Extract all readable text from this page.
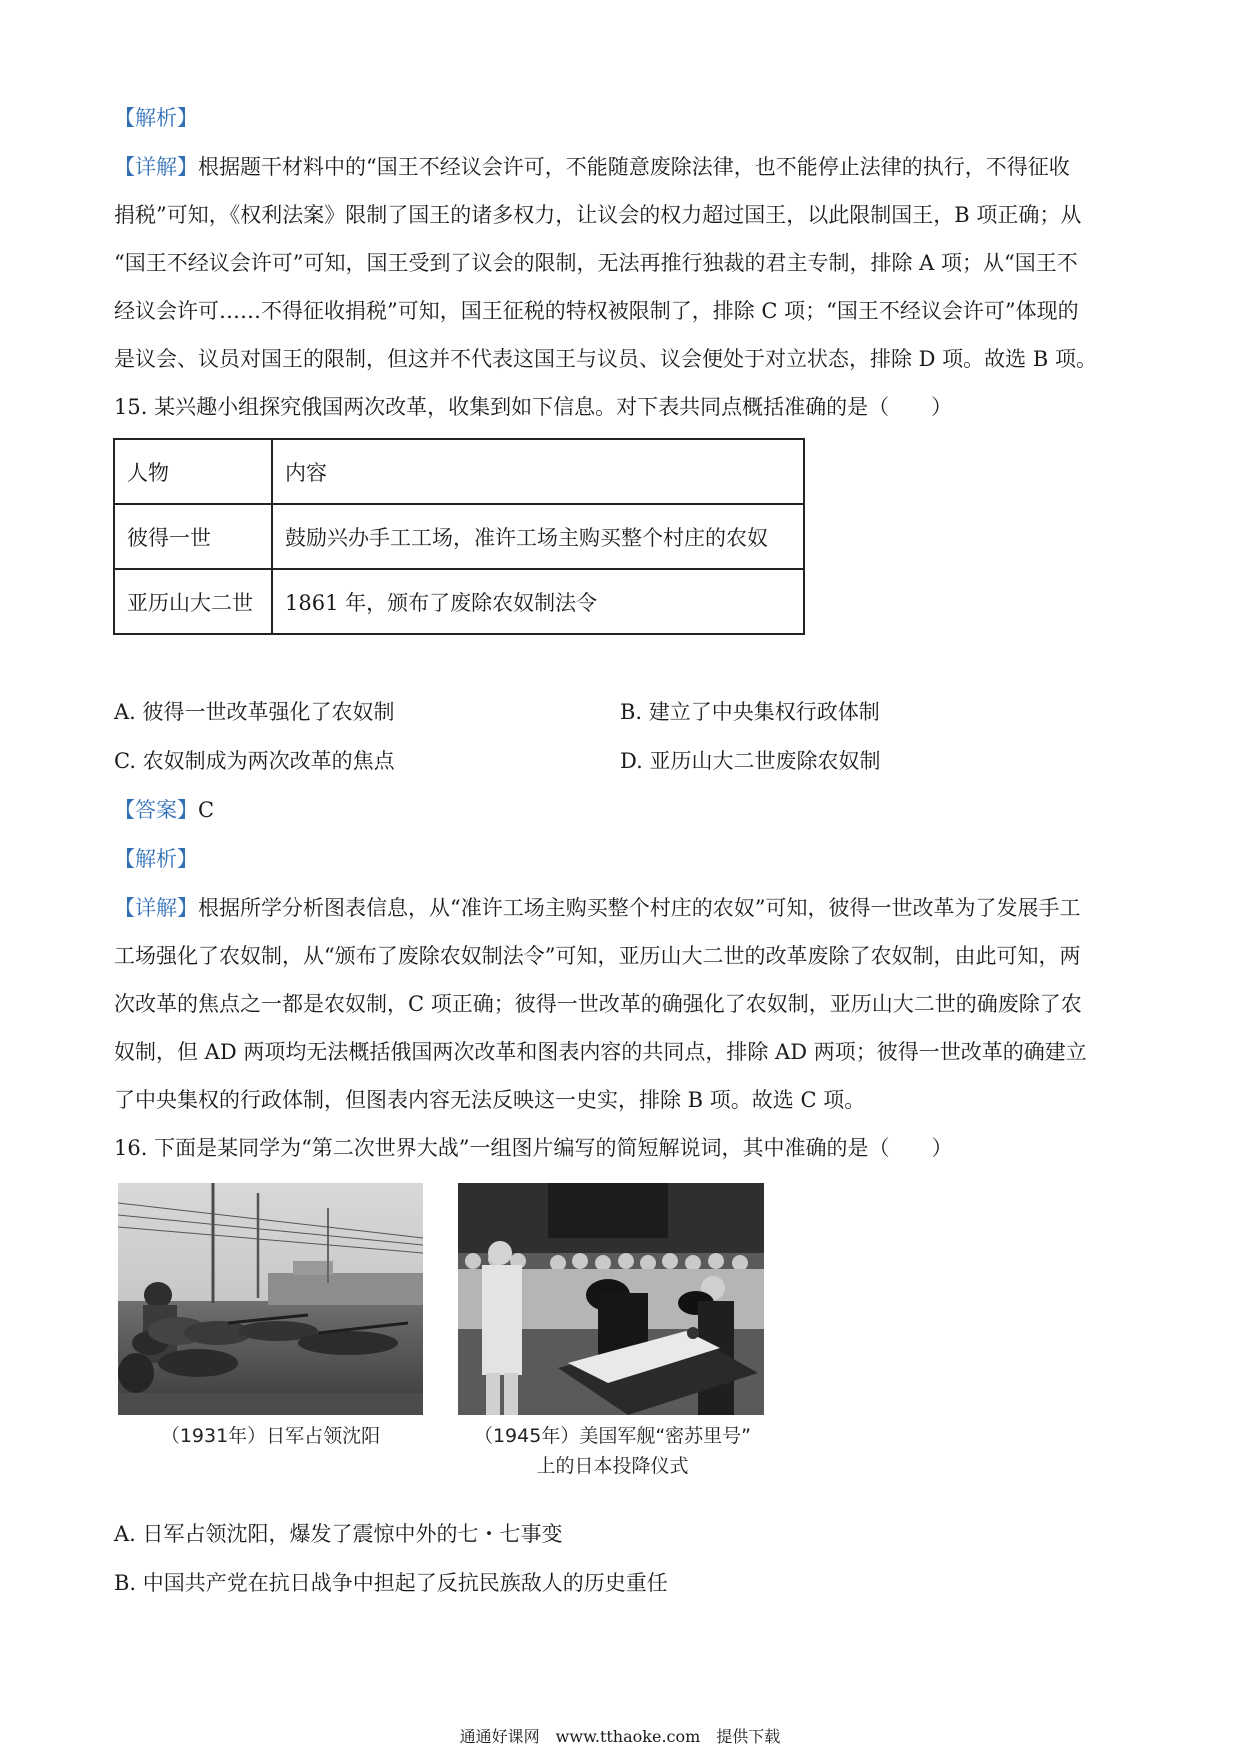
【解析】
【详解】根据题干材料中的“国王不经议会许可，不能随意废除法律，也不能停止法律的执行，不得征收
捐税”可知，《权利法案》限制了国王的诸多权力，让议会的权力超过国王，以此限制国王，B 项正确；从
“国王不经议会许可”可知，国王受到了议会的限制，无法再推行独裁的君主专制，排除 A 项；从“国王不
经议会许可……不得征收捐税”可知，国王征税的特权被限制了，排除 C 项；“国王不经议会许可”体现的
是议会、议员对国王的限制，但这并不代表这国王与议员、议会便处于对立状态，排除 D 项。故选 B 项。
15. 某兴趣小组探究俄国两次改革，收集到如下信息。对下表共同点概括准确的是（　　）
人物	内容
彼得一世	鼓励兴办手工工场，准许工场主购买整个村庄的农奴
亚历山大二世	1861 年，颁布了废除农奴制法令
A. 彼得一世改革强化了农奴制	B. 建立了中央集权行政体制
C. 农奴制成为两次改革的焦点	D. 亚历山大二世废除农奴制
【答案】C
【解析】
【详解】根据所学分析图表信息，从“准许工场主购买整个村庄的农奴”可知，彼得一世改革为了发展手工
工场强化了农奴制，从“颁布了废除农奴制法令”可知，亚历山大二世的改革废除了农奴制，由此可知，两
次改革的焦点之一都是农奴制，C 项正确；彼得一世改革的确强化了农奴制，亚历山大二世的确废除了农
奴制，但 AD 两项均无法概括俄国两次改革和图表内容的共同点，排除 AD 两项；彼得一世改革的确建立
了中央集权的行政体制，但图表内容无法反映这一史实，排除 B 项。故选 C 项。
16. 下面是某同学为“第二次世界大战”一组图片编写的简短解说词，其中准确的是（　　）
（1931年）日军占领沈阳	（1945年）美国军舰“密苏里号”
上的日本投降仪式
A. 日军占领沈阳，爆发了震惊中外的七・七事变
B. 中国共产党在抗日战争中担起了反抗民族敌人的历史重任
通通好课网　www.tthaoke.com　提供下载
